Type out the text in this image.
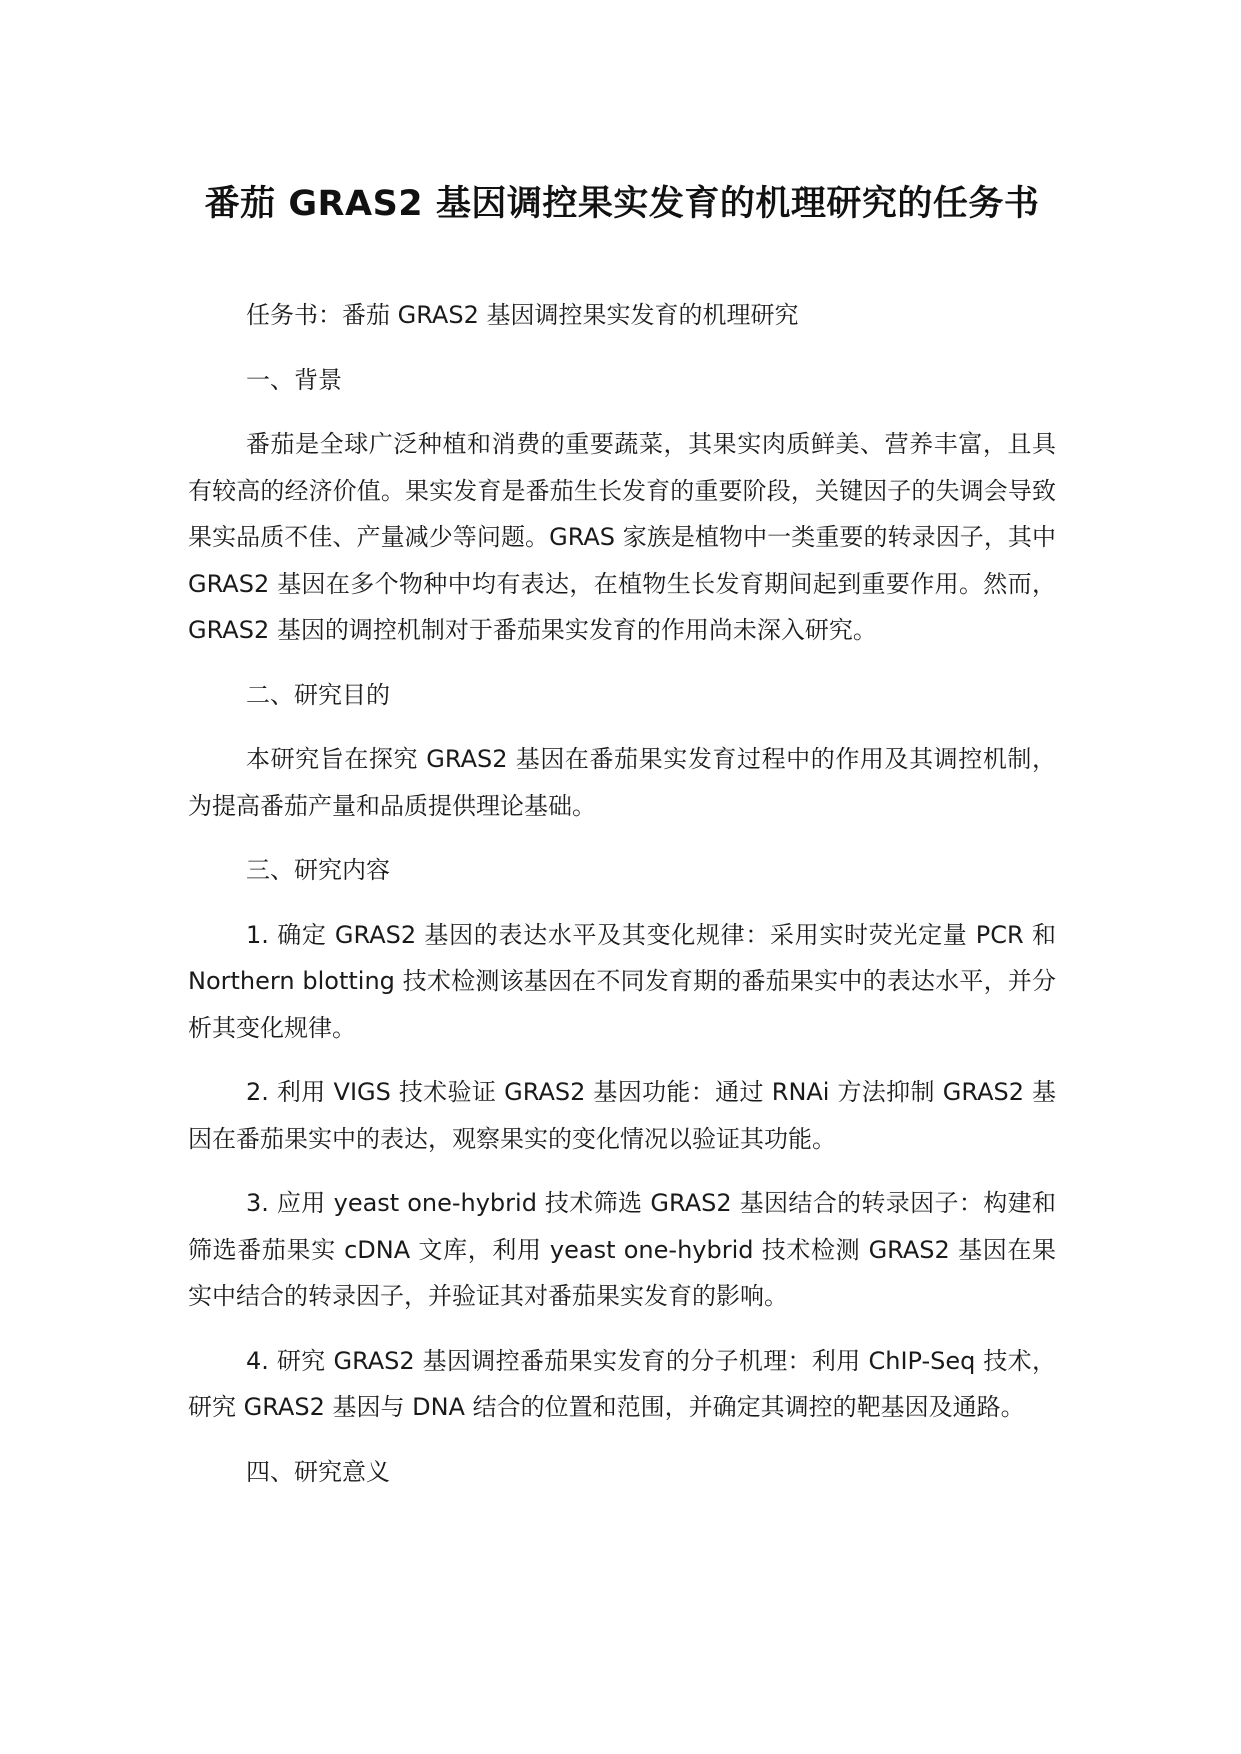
番茄 GRAS2 基因调控果实发育的机理研究的任务书

任务书：番茄 GRAS2 基因调控果实发育的机理研究

一、背景

番茄是全球广泛种植和消费的重要蔬菜，其果实肉质鲜美、营养丰富，且具有较高的经济价值。果实发育是番茄生长发育的重要阶段，关键因子的失调会导致果实品质不佳、产量减少等问题。GRAS 家族是植物中一类重要的转录因子，其中 GRAS2 基因在多个物种中均有表达，在植物生长发育期间起到重要作用。然而，GRAS2 基因的调控机制对于番茄果实发育的作用尚未深入研究。

二、研究目的

本研究旨在探究 GRAS2 基因在番茄果实发育过程中的作用及其调控机制，为提高番茄产量和品质提供理论基础。

三、研究内容

1. 确定 GRAS2 基因的表达水平及其变化规律：采用实时荧光定量 PCR 和 Northern blotting 技术检测该基因在不同发育期的番茄果实中的表达水平，并分析其变化规律。

2. 利用 VIGS 技术验证 GRAS2 基因功能：通过 RNAi 方法抑制 GRAS2 基因在番茄果实中的表达，观察果实的变化情况以验证其功能。

3. 应用 yeast one-hybrid 技术筛选 GRAS2 基因结合的转录因子：构建和筛选番茄果实 cDNA 文库，利用 yeast one-hybrid 技术检测 GRAS2 基因在果实中结合的转录因子，并验证其对番茄果实发育的影响。

4. 研究 GRAS2 基因调控番茄果实发育的分子机理：利用 ChIP-Seq 技术，研究 GRAS2 基因与 DNA 结合的位置和范围，并确定其调控的靶基因及通路。

四、研究意义
